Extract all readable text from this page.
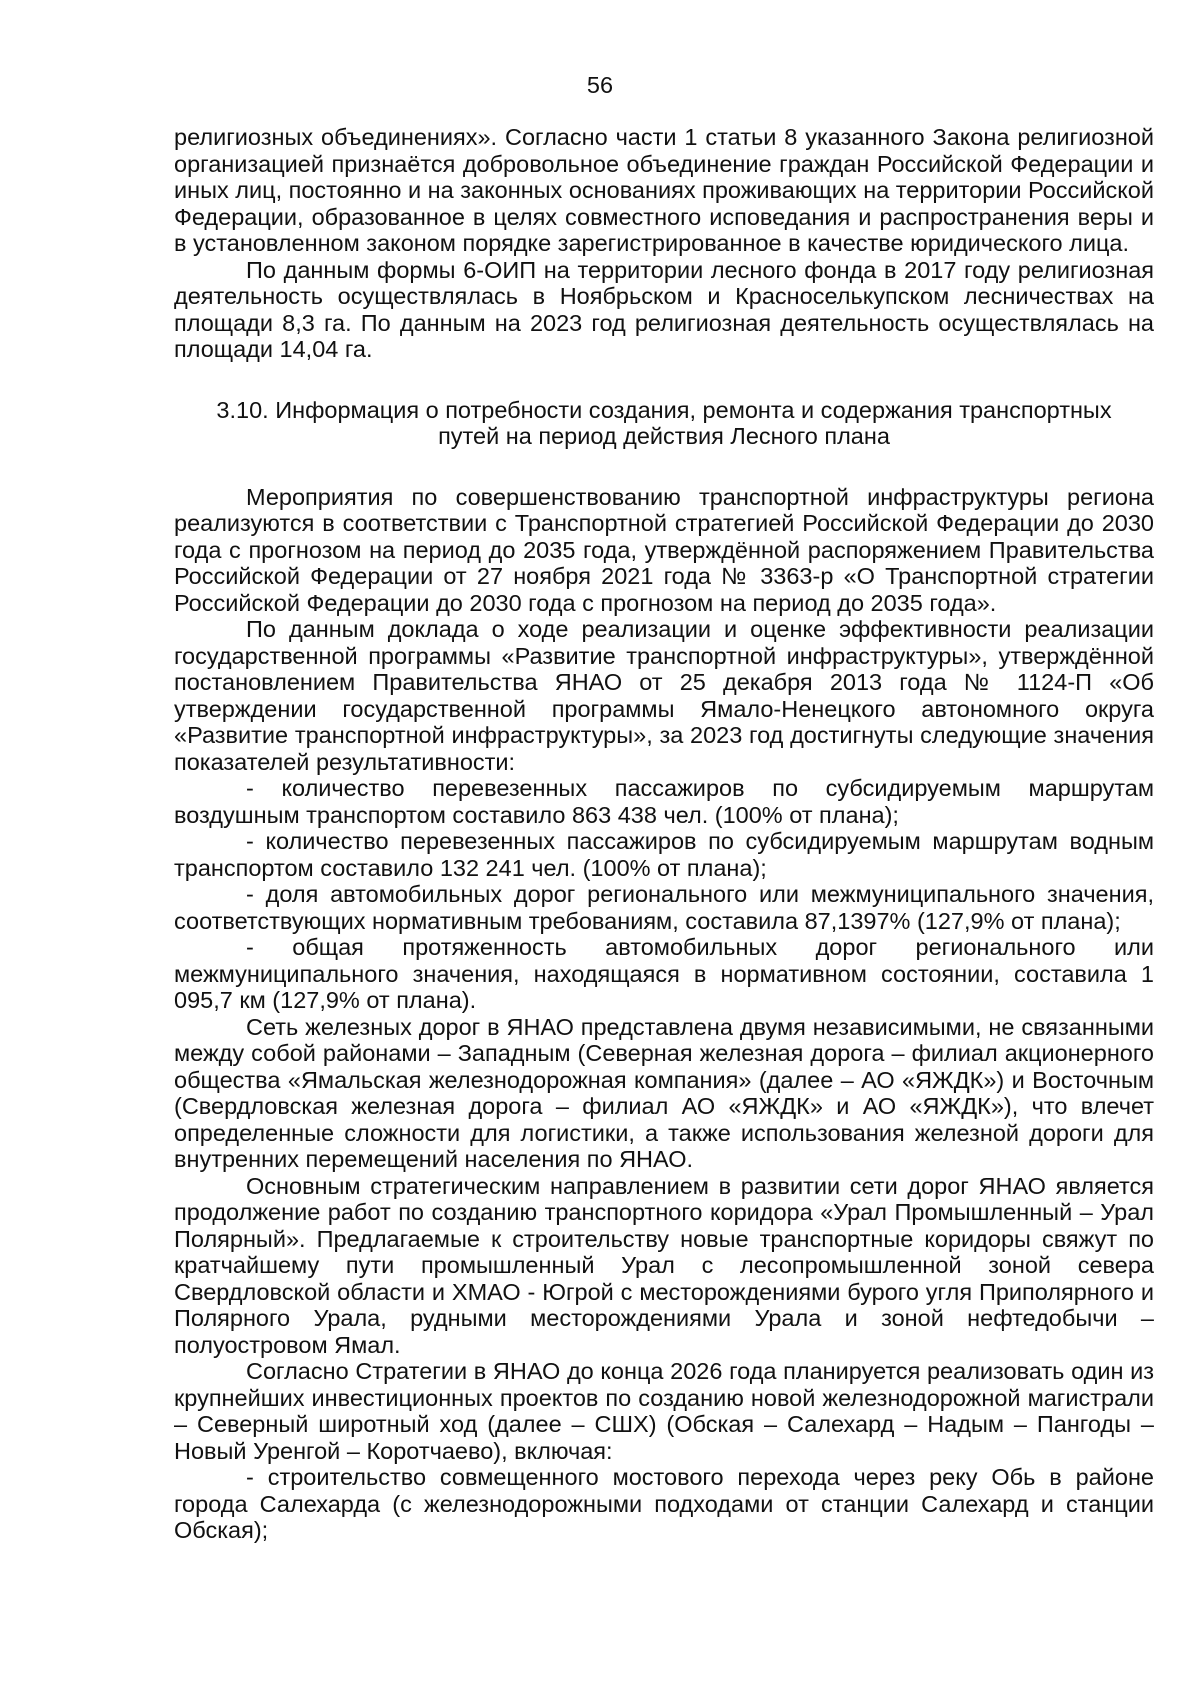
56

религиозных объединениях». Согласно части 1 статьи 8 указанного Закона религиозной организацией признаётся добровольное объединение граждан Российской Федерации и иных лиц, постоянно и на законных основаниях проживающих на территории Российской Федерации, образованное в целях совместного исповедания и распространения веры и в установленном законом порядке зарегистрированное в качестве юридического лица.

По данным формы 6-ОИП на территории лесного фонда в 2017 году религиозная деятельность осуществлялась в Ноябрьском и Красноселькупском лесничествах на площади 8,3 га. По данным на 2023 год религиозная деятельность осуществлялась на площади 14,04 га.

3.10. Информация о потребности создания, ремонта и содержания транспортных путей на период действия Лесного плана

Мероприятия по совершенствованию транспортной инфраструктуры региона реализуются в соответствии с Транспортной стратегией Российской Федерации до 2030 года с прогнозом на период до 2035 года, утверждённой распоряжением Правительства Российской Федерации от 27 ноября 2021 года № 3363-р «О Транспортной стратегии Российской Федерации до 2030 года с прогнозом на период до 2035 года».

По данным доклада о ходе реализации и оценке эффективности реализации государственной программы «Развитие транспортной инфраструктуры», утверждённой постановлением Правительства ЯНАО от 25 декабря 2013 года № 1124-П «Об утверждении государственной программы Ямало-Ненецкого автономного округа «Развитие транспортной инфраструктуры», за 2023 год достигнуты следующие значения показателей результативности:

- количество перевезенных пассажиров по субсидируемым маршрутам воздушным транспортом составило 863 438 чел. (100% от плана);

- количество перевезенных пассажиров по субсидируемым маршрутам водным транспортом составило 132 241 чел. (100% от плана);

- доля автомобильных дорог регионального или межмуниципального значения, соответствующих нормативным требованиям, составила 87,1397% (127,9% от плана);

- общая протяженность автомобильных дорог регионального или межмуниципального значения, находящаяся в нормативном состоянии, составила 1 095,7 км (127,9% от плана).

Сеть железных дорог в ЯНАО представлена двумя независимыми, не связанными между собой районами – Западным (Северная железная дорога – филиал акционерного общества «Ямальская железнодорожная компания» (далее – АО «ЯЖДК») и Восточным (Свердловская железная дорога – филиал АО «ЯЖДК» и АО «ЯЖДК»), что влечет определенные сложности для логистики, а также использования железной дороги для внутренних перемещений населения по ЯНАО.

Основным стратегическим направлением в развитии сети дорог ЯНАО является продолжение работ по созданию транспортного коридора «Урал Промышленный – Урал Полярный». Предлагаемые к строительству новые транспортные коридоры свяжут по кратчайшему пути промышленный Урал с лесопромышленной зоной севера Свердловской области и ХМАО - Югрой с месторождениями бурого угля Приполярного и Полярного Урала, рудными месторождениями Урала и зоной нефтедобычи – полуостровом Ямал.

Согласно Стратегии в ЯНАО до конца 2026 года планируется реализовать один из крупнейших инвестиционных проектов по созданию новой железнодорожной магистрали – Северный широтный ход (далее – СШХ) (Обская – Салехард – Надым – Пангоды – Новый Уренгой – Коротчаево), включая:

- строительство совмещенного мостового перехода через реку Обь в районе города Салехарда (с железнодорожными подходами от станции Салехард и станции Обская);
